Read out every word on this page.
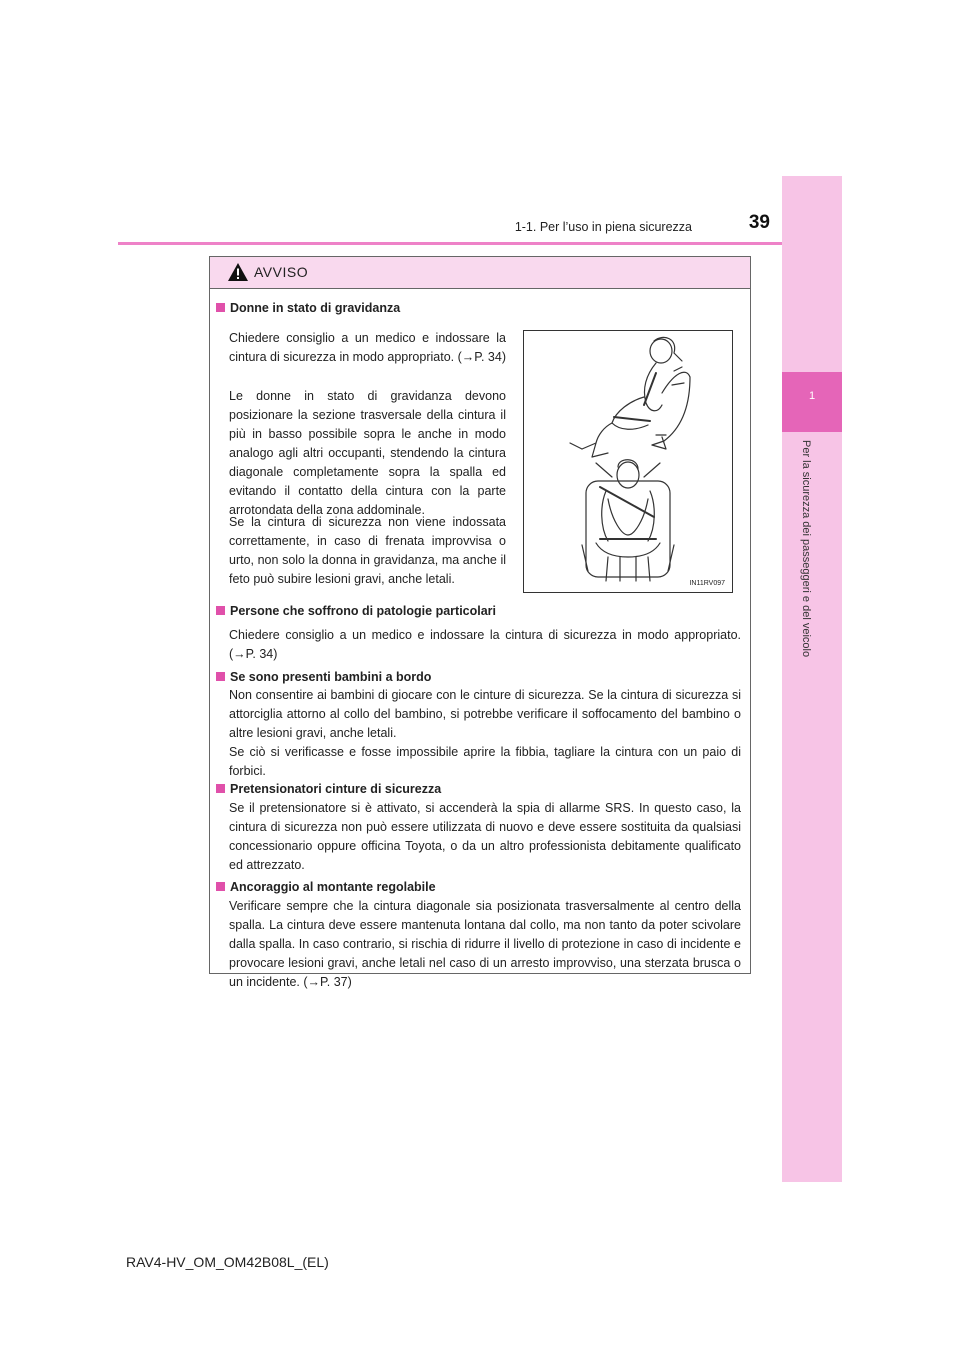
1-1. Per l’uso in piena sicurezza	39
1
Per la sicurezza dei passeggeri e del veicolo
AVVISO
Donne in stato di gravidanza
Chiedere consiglio a un medico e indossare la cintura di sicurezza in modo appropriato. (→P. 34)
Le donne in stato di gravidanza devono posizionare la sezione trasversale della cintura il più in basso possibile sopra le anche in modo analogo agli altri occupanti, stendendo la cintura diagonale completamente sopra la spalla ed evitando il contatto della cintura con la parte arrotondata della zona addominale.
Se la cintura di sicurezza non viene indossata correttamente, in caso di frenata improvvisa o urto, non solo la donna in gravidanza, ma anche il feto può subire lesioni gravi, anche letali.	IN11RV097
Persone che soffrono di patologie particolari
Chiedere consiglio a un medico e indossare la cintura di sicurezza in modo appropriato. (→P. 34)
Se sono presenti bambini a bordo
Non consentire ai bambini di giocare con le cinture di sicurezza. Se la cintura di sicurezza si attorciglia attorno al collo del bambino, si potrebbe verificare il soffocamento del bambino o altre lesioni gravi, anche letali.
Se ciò si verificasse e fosse impossibile aprire la fibbia, tagliare la cintura con un paio di forbici.
Pretensionatori cinture di sicurezza
Se il pretensionatore si è attivato, si accenderà la spia di allarme SRS. In questo caso, la cintura di sicurezza non può essere utilizzata di nuovo e deve essere sostituita da qualsiasi concessionario oppure officina Toyota, o da un altro professionista debitamente qualificato ed attrezzato.
Ancoraggio al montante regolabile
Verificare sempre che la cintura diagonale sia posizionata trasversalmente al centro della spalla. La cintura deve essere mantenuta lontana dal collo, ma non tanto da poter scivolare dalla spalla. In caso contrario, si rischia di ridurre il livello di protezione in caso di incidente e provocare lesioni gravi, anche letali nel caso di un arresto improvviso, una sterzata brusca o un incidente. (→P. 37)
RAV4-HV_OM_OM42B08L_(EL)
